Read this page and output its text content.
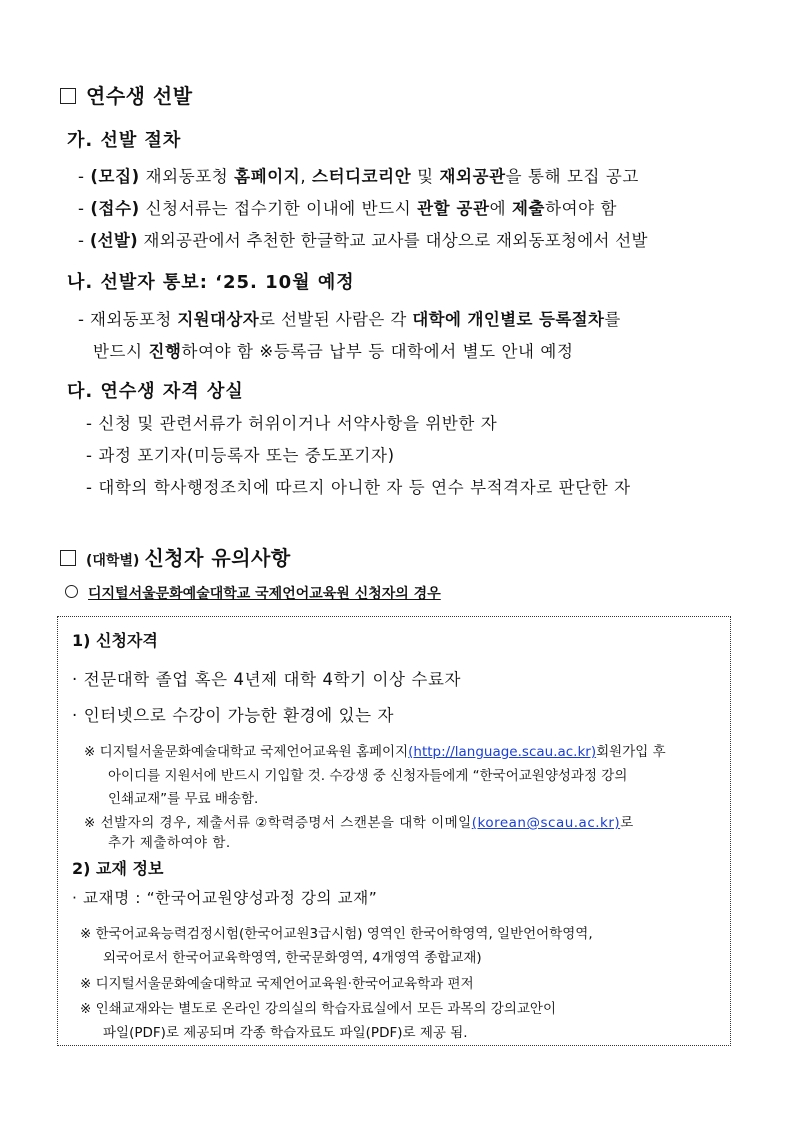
연수생 선발
가. 선발 절차
- (모집) 재외동포청 홈페이지, 스터디코리안 및 재외공관을 통해 모집 공고
- (접수) 신청서류는 접수기한 이내에 반드시 관할 공관에 제출하여야 함
- (선발) 재외공관에서 추천한 한글학교 교사를 대상으로 재외동포청에서 선발
나. 선발자 통보: ‘25. 10월 예정
- 재외동포청 지원대상자로 선발된 사람은 각 대학에 개인별로 등록절차를
반드시 진행하여야 함 ※등록금 납부 등 대학에서 별도 안내 예정
다. 연수생 자격 상실
- 신청 및 관련서류가 허위이거나 서약사항을 위반한 자
- 과정 포기자(미등록자 또는 중도포기자)
- 대학의 학사행정조치에 따르지 아니한 자 등 연수 부적격자로 판단한 자
(대학별) 신청자 유의사항
디지털서울문화예술대학교 국제언어교육원 신청자의 경우
1) 신청자격
· 전문대학 졸업 혹은 4년제 대학 4학기 이상 수료자
· 인터넷으로 수강이 가능한 환경에 있는 자
※ 디지털서울문화예술대학교 국제언어교육원 홈페이지(http://language.scau.ac.kr)회원가입 후
아이디를 지원서에 반드시 기입할 것. 수강생 중 신청자들에게 “한국어교원양성과정 강의
인쇄교재”를 무료 배송함.
※ 선발자의 경우, 제출서류 ②학력증명서 스캔본을 대학 이메일(korean@scau.ac.kr)로
추가 제출하여야 함.
2) 교재 정보
· 교재명 : “한국어교원양성과정 강의 교재”
※ 한국어교육능력검정시험(한국어교원3급시험) 영역인 한국어학영역, 일반언어학영역,
외국어로서 한국어교육학영역, 한국문화영역, 4개영역 종합교재)
※ 디지털서울문화예술대학교 국제언어교육원·한국어교육학과 편저
※ 인쇄교재와는 별도로 온라인 강의실의 학습자료실에서 모든 과목의 강의교안이
파일(PDF)로 제공되며 각종 학습자료도 파일(PDF)로 제공 됨.
